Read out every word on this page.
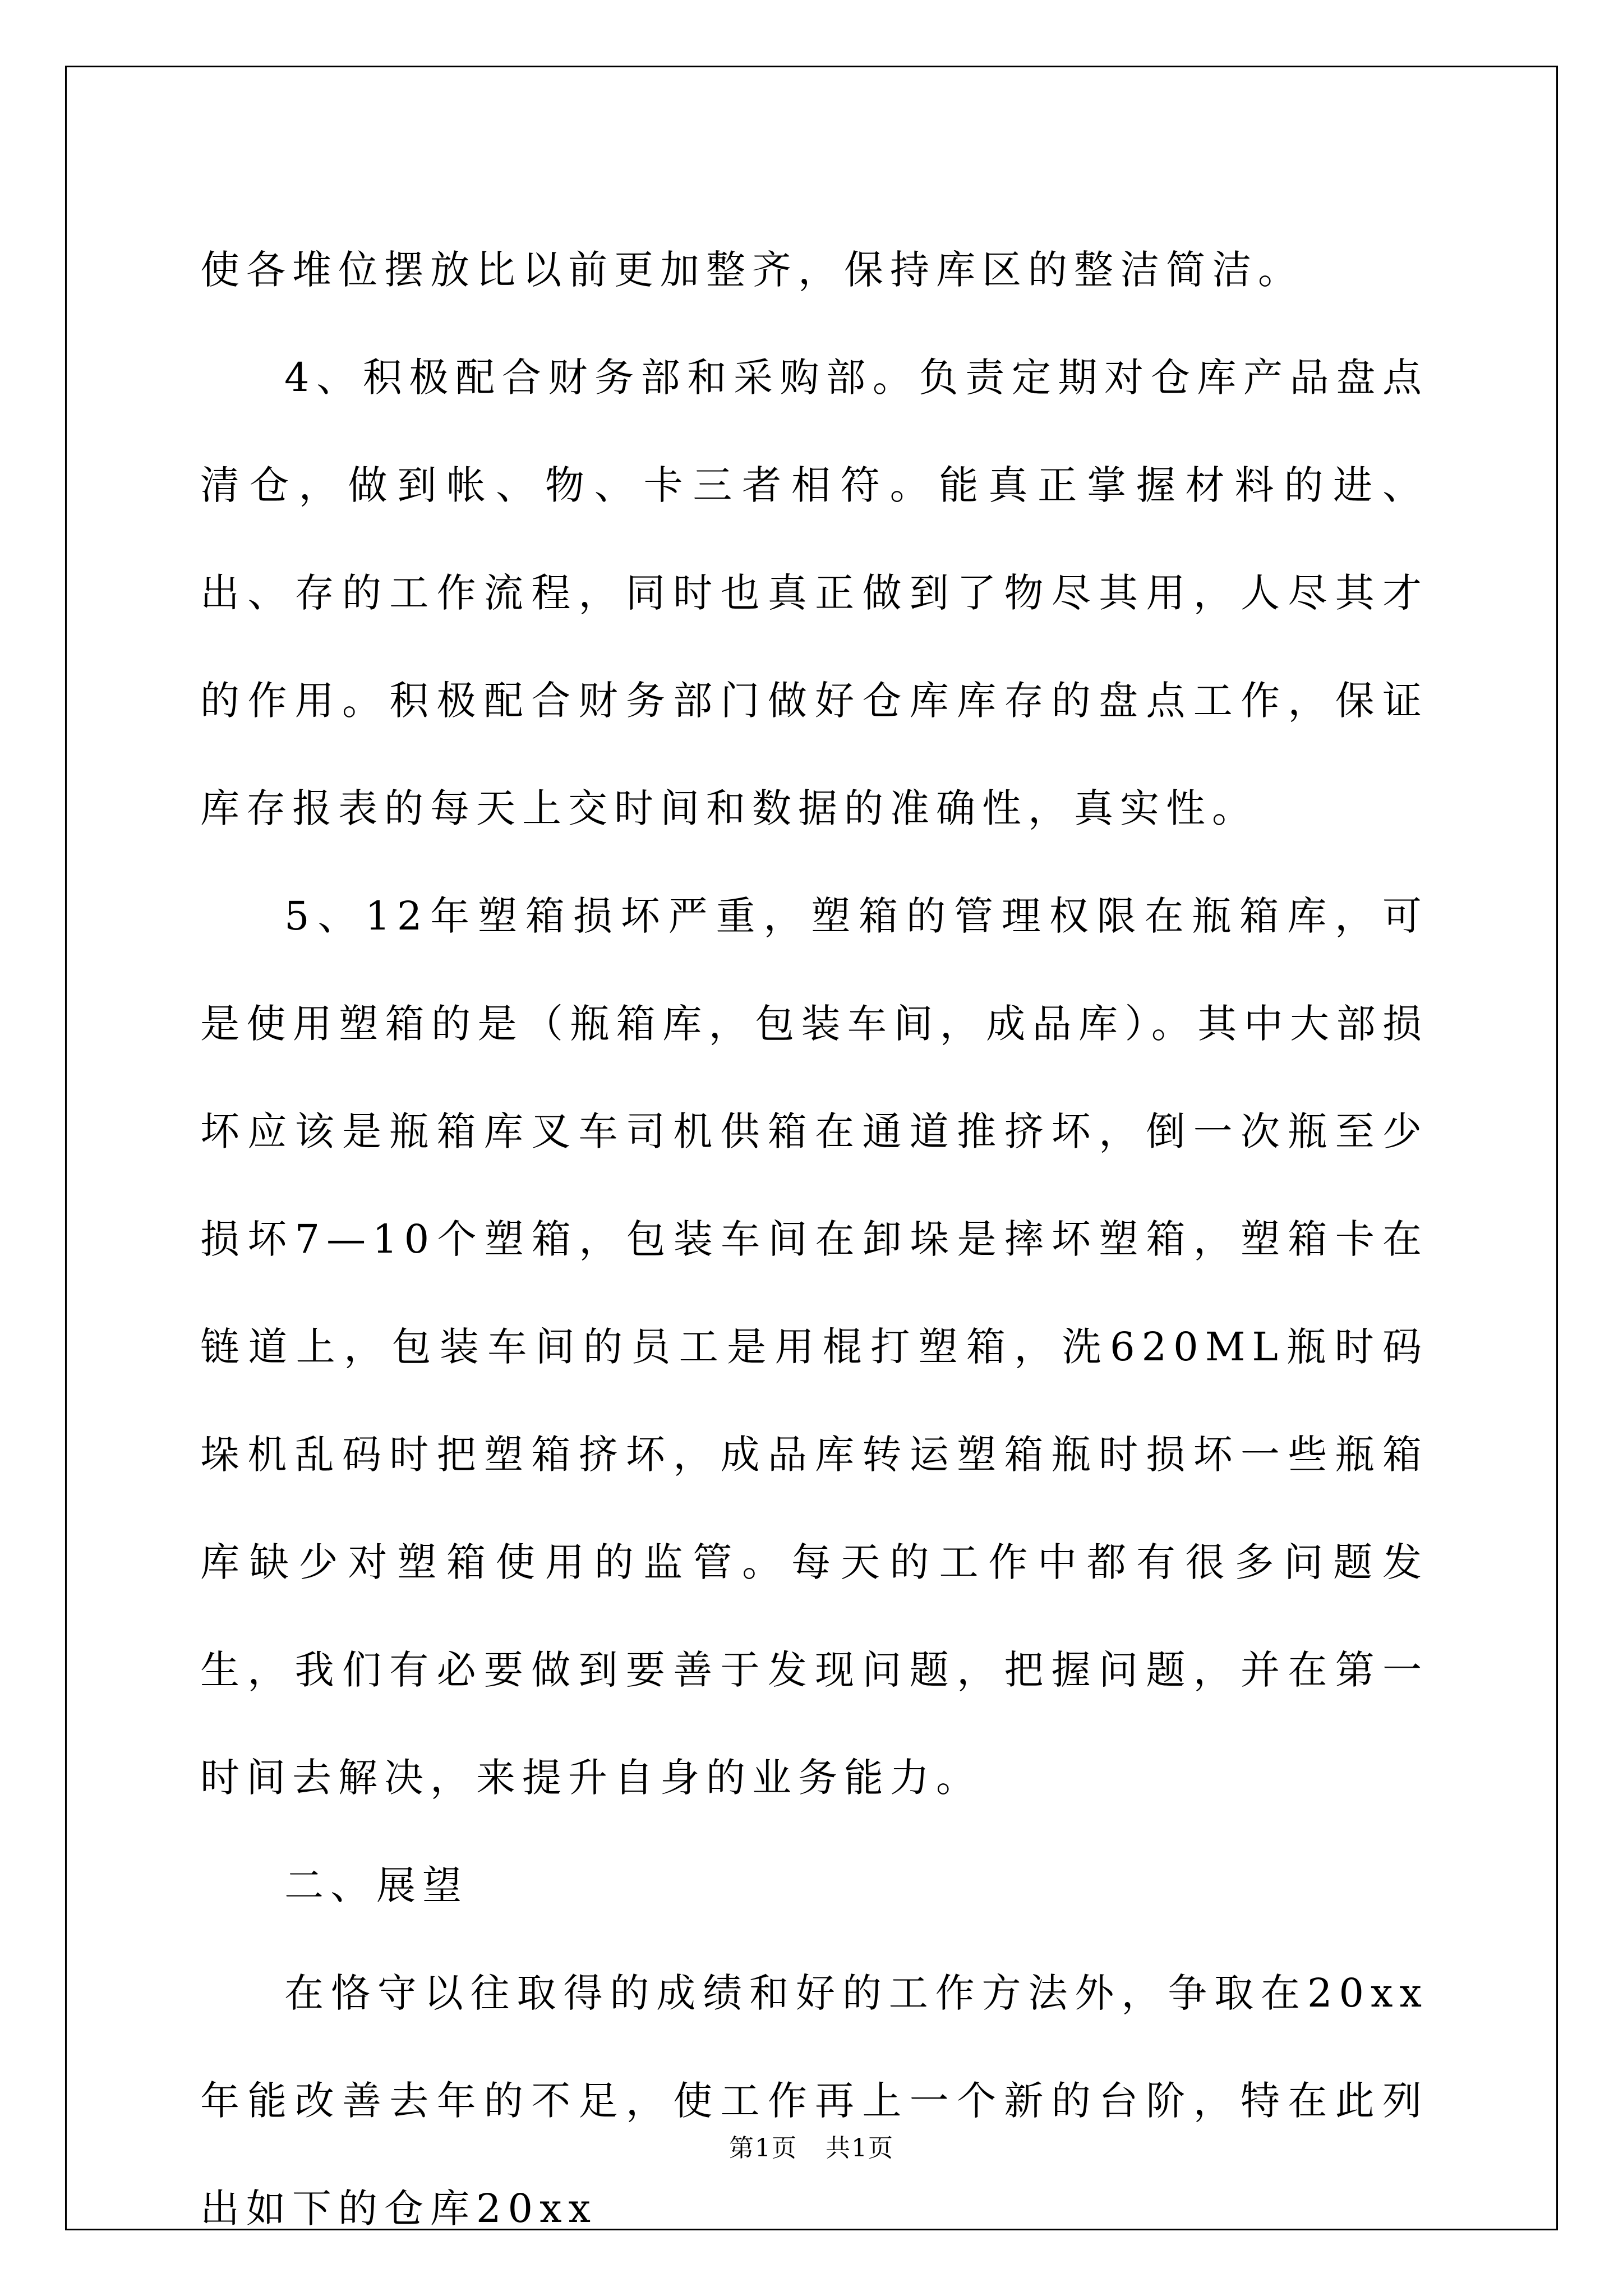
使各堆位摆放比以前更加整齐，保持库区的整洁简洁。

4、积极配合财务部和采购部。负责定期对仓库产品盘点清仓，做到帐、物、卡三者相符。能真正掌握材料的进、出、存的工作流程，同时也真正做到了物尽其用，人尽其才的作用。积极配合财务部门做好仓库库存的盘点工作，保证库存报表的每天上交时间和数据的准确性，真实性。

5、12年塑箱损坏严重，塑箱的管理权限在瓶箱库，可是使用塑箱的是（瓶箱库，包装车间，成品库）。其中大部损坏应该是瓶箱库叉车司机供箱在通道推挤坏，倒一次瓶至少损坏7—10个塑箱，包装车间在卸垛是摔坏塑箱，塑箱卡在链道上，包装车间的员工是用棍打塑箱，洗620ML瓶时码垛机乱码时把塑箱挤坏，成品库转运塑箱瓶时损坏一些瓶箱库缺少对塑箱使用的监管。每天的工作中都有很多问题发生，我们有必要做到要善于发现问题，把握问题，并在第一时间去解决，来提升自身的业务能力。

二、展望

在恪守以往取得的成绩和好的工作方法外，争取在20xx年能改善去年的不足，使工作再上一个新的台阶，特在此列出如下的仓库20xx

第1页 共1页
